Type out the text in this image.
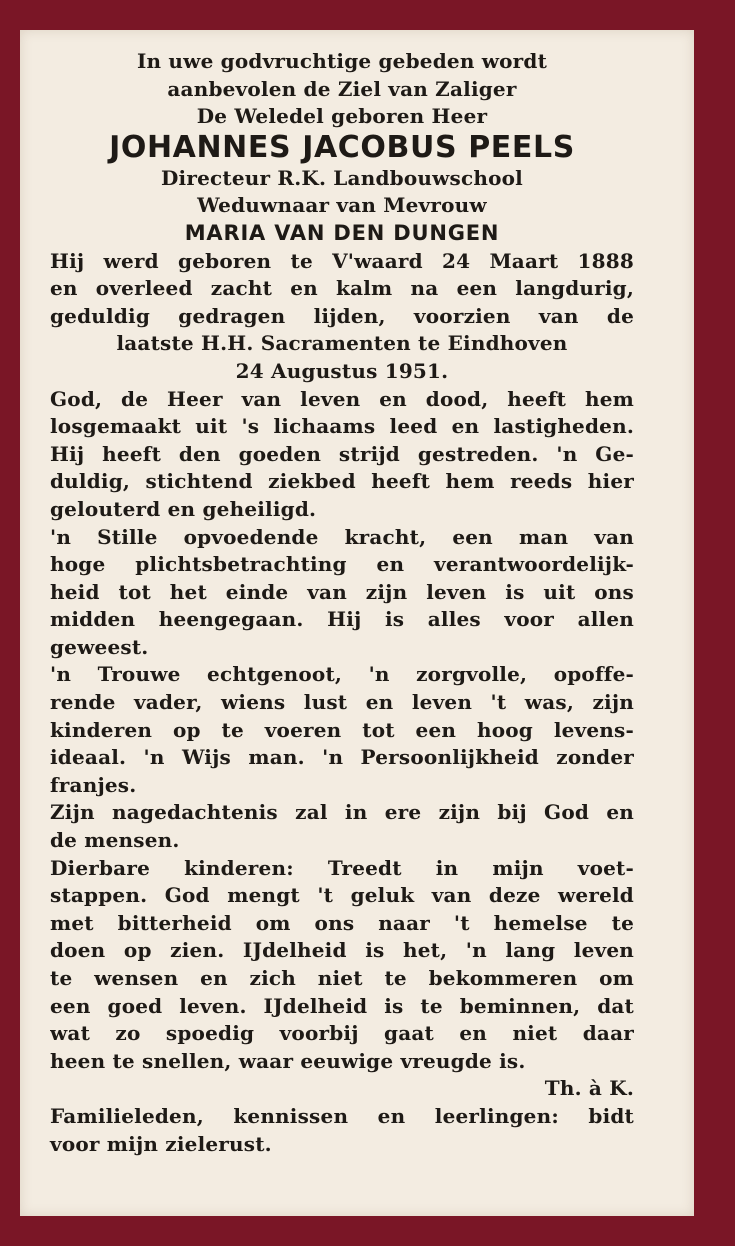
In uwe godvruchtige gebeden wordt
aanbevolen de Ziel van Zaliger
De Weledel geboren Heer
JOHANNES JACOBUS PEELS
Directeur R.K. Landbouwschool
Weduwnaar van Mevrouw
MARIA VAN DEN DUNGEN
Hij werd geboren te V'waard 24 Maart 1888
en overleed zacht en kalm na een langdurig,
geduldig gedragen lijden, voorzien van de
laatste H.H. Sacramenten te Eindhoven
24 Augustus 1951.
God, de Heer van leven en dood, heeft hem
losgemaakt uit 's lichaams leed en lastigheden.
Hij heeft den goeden strijd gestreden. 'n Ge-
duldig, stichtend ziekbed heeft hem reeds hier
gelouterd en geheiligd.
'n Stille opvoedende kracht, een man van
hoge plichtsbetrachting en verantwoordelijk-
heid tot het einde van zijn leven is uit ons
midden heengegaan. Hij is alles voor allen
geweest.
'n Trouwe echtgenoot, 'n zorgvolle, opoffe-
rende vader, wiens lust en leven 't was, zijn
kinderen op te voeren tot een hoog levens-
ideaal. 'n Wijs man. 'n Persoonlijkheid zonder
franjes.
Zijn nagedachtenis zal in ere zijn bij God en
de mensen.
Dierbare kinderen: Treedt in mijn voet-
stappen. God mengt 't geluk van deze wereld
met bitterheid om ons naar 't hemelse te
doen op zien. IJdelheid is het, 'n lang leven
te wensen en zich niet te bekommeren om
een goed leven. IJdelheid is te beminnen, dat
wat zo spoedig voorbij gaat en niet daar
heen te snellen, waar eeuwige vreugde is.
Th. à K.
Familieleden, kennissen en leerlingen: bidt
voor mijn zielerust.
